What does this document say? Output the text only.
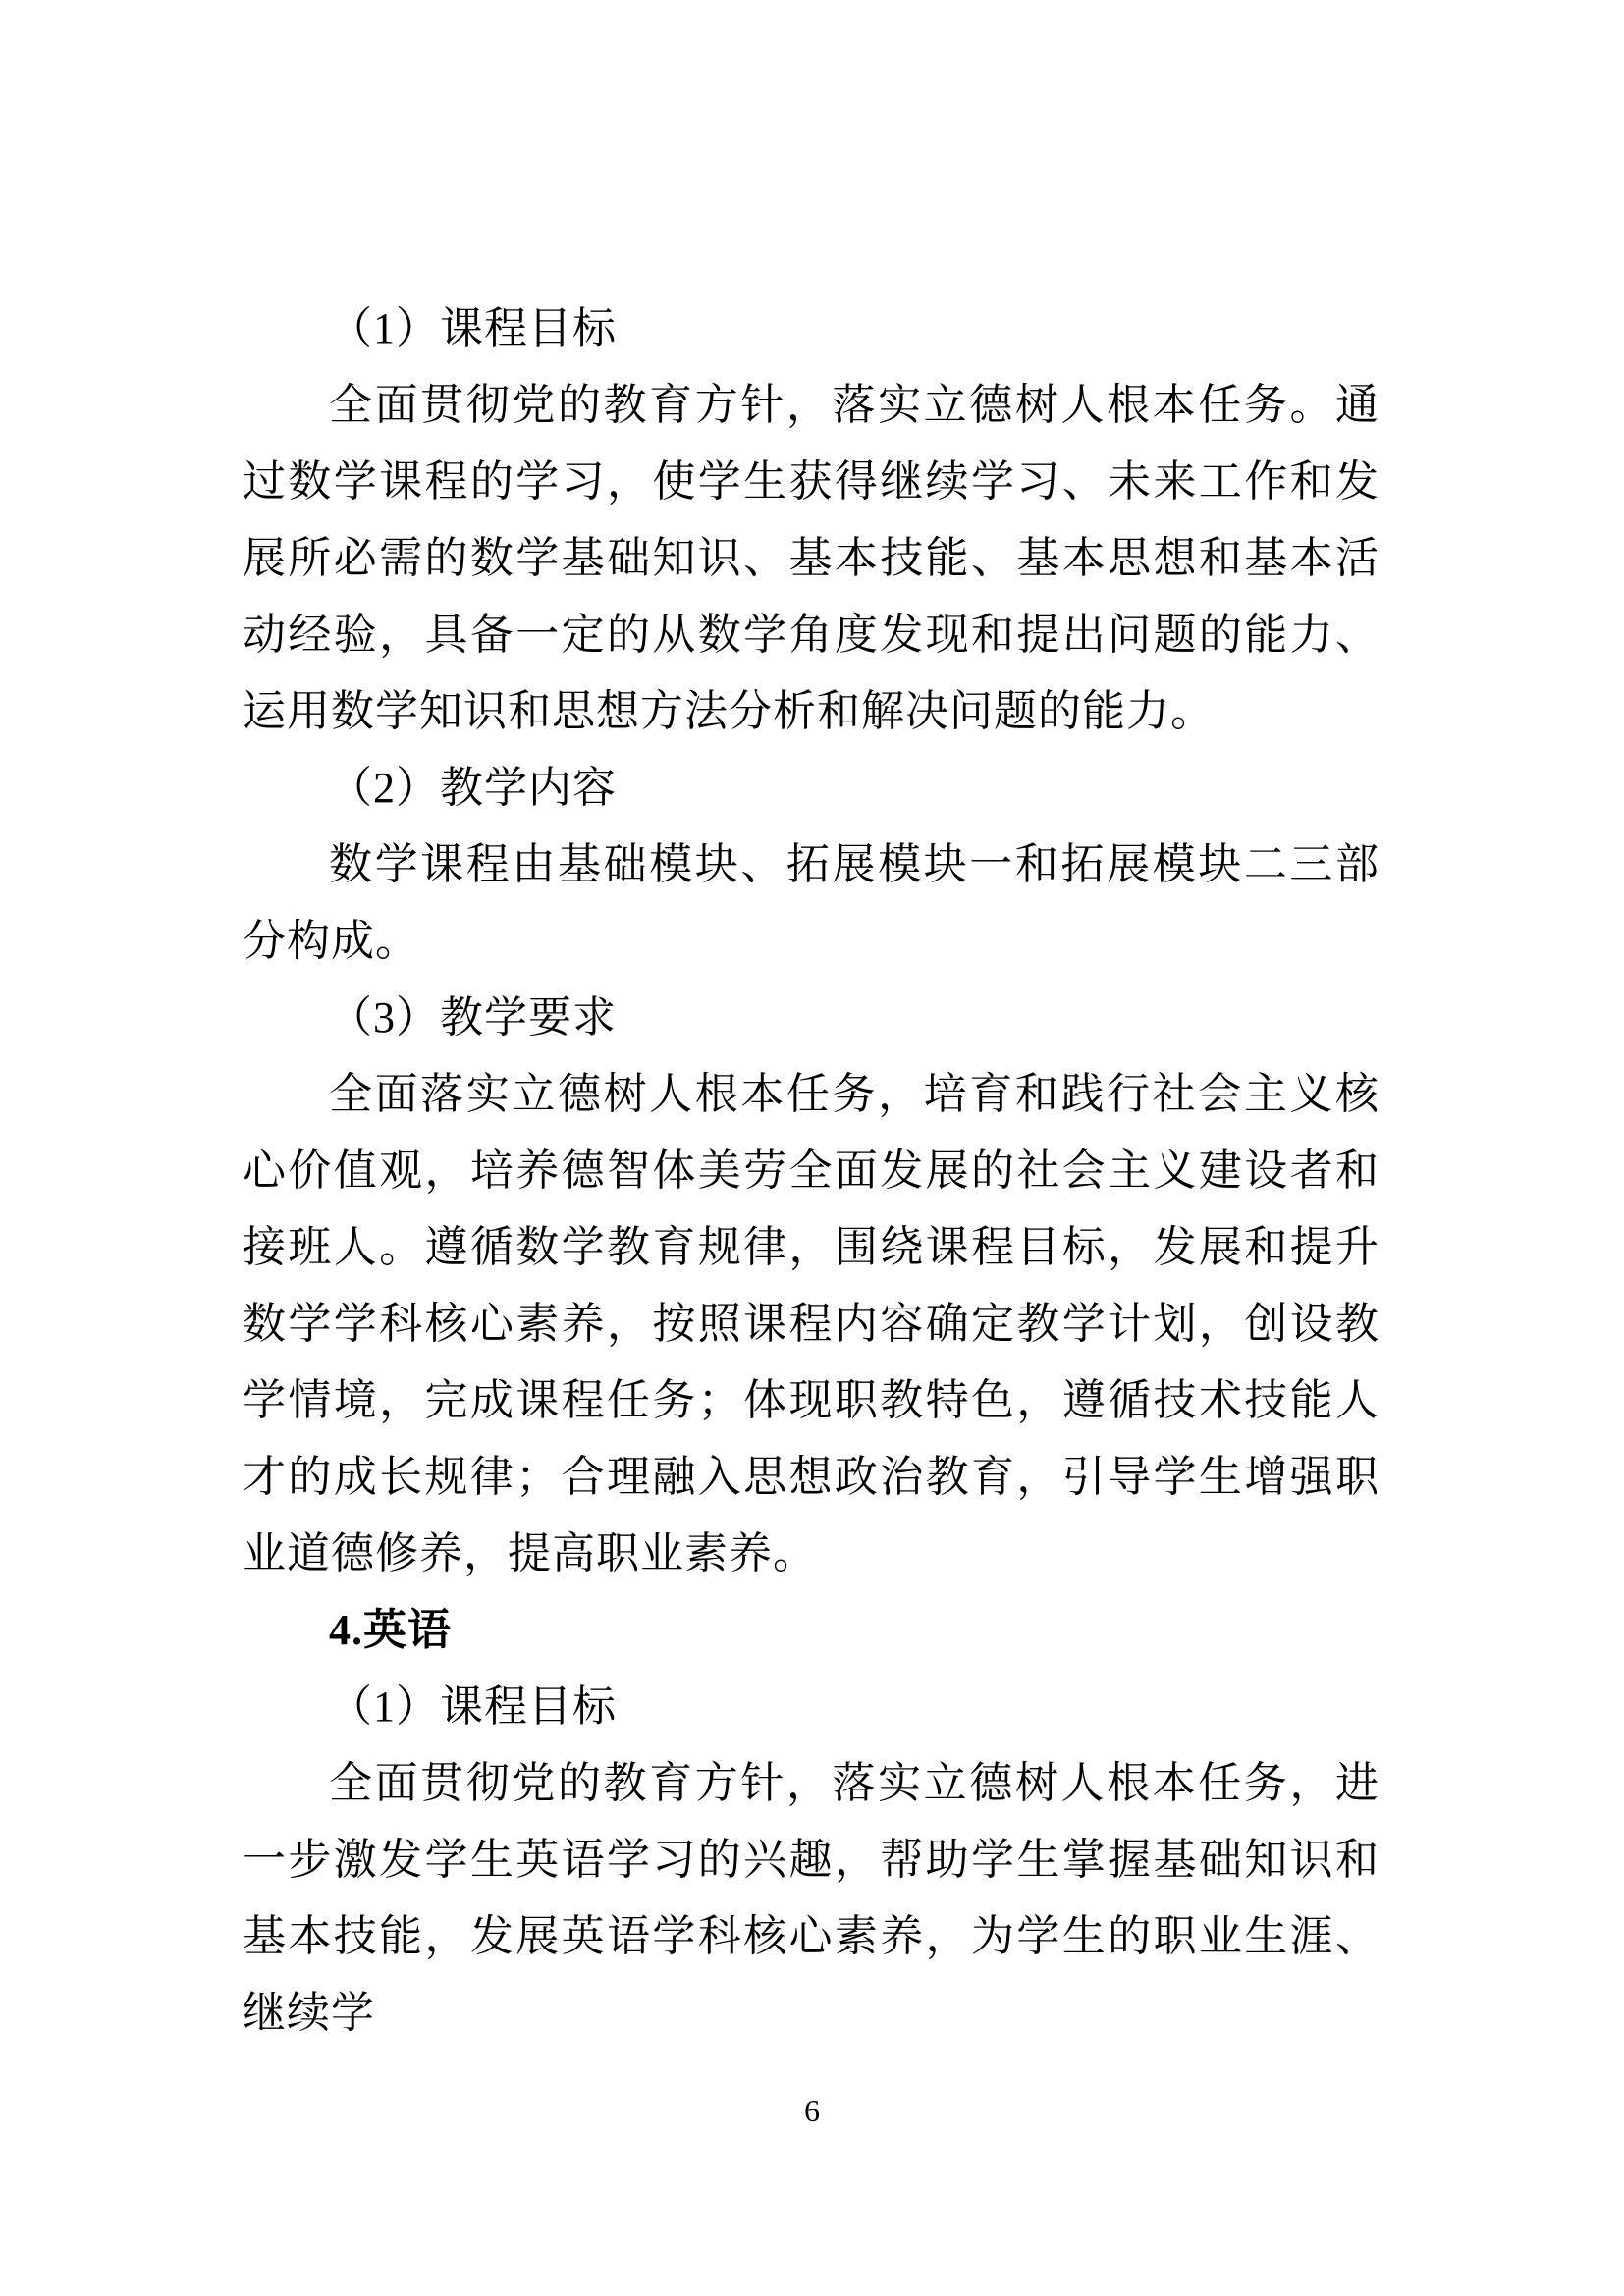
（1）课程目标

全面贯彻党的教育方针，落实立德树人根本任务。通过数学课程的学习，使学生获得继续学习、未来工作和发展所必需的数学基础知识、基本技能、基本思想和基本活动经验，具备一定的从数学角度发现和提出问题的能力、运用数学知识和思想方法分析和解决问题的能力。

（2）教学内容

数学课程由基础模块、拓展模块一和拓展模块二三部分构成。

（3）教学要求

全面落实立德树人根本任务，培育和践行社会主义核心价值观，培养德智体美劳全面发展的社会主义建设者和接班人。遵循数学教育规律，围绕课程目标，发展和提升数学学科核心素养，按照课程内容确定教学计划，创设教学情境，完成课程任务；体现职教特色，遵循技术技能人才的成长规律；合理融入思想政治教育，引导学生增强职业道德修养，提高职业素养。

4.英语

（1）课程目标

全面贯彻党的教育方针，落实立德树人根本任务，进一步激发学生英语学习的兴趣，帮助学生掌握基础知识和基本技能，发展英语学科核心素养，为学生的职业生涯、继续学

6
